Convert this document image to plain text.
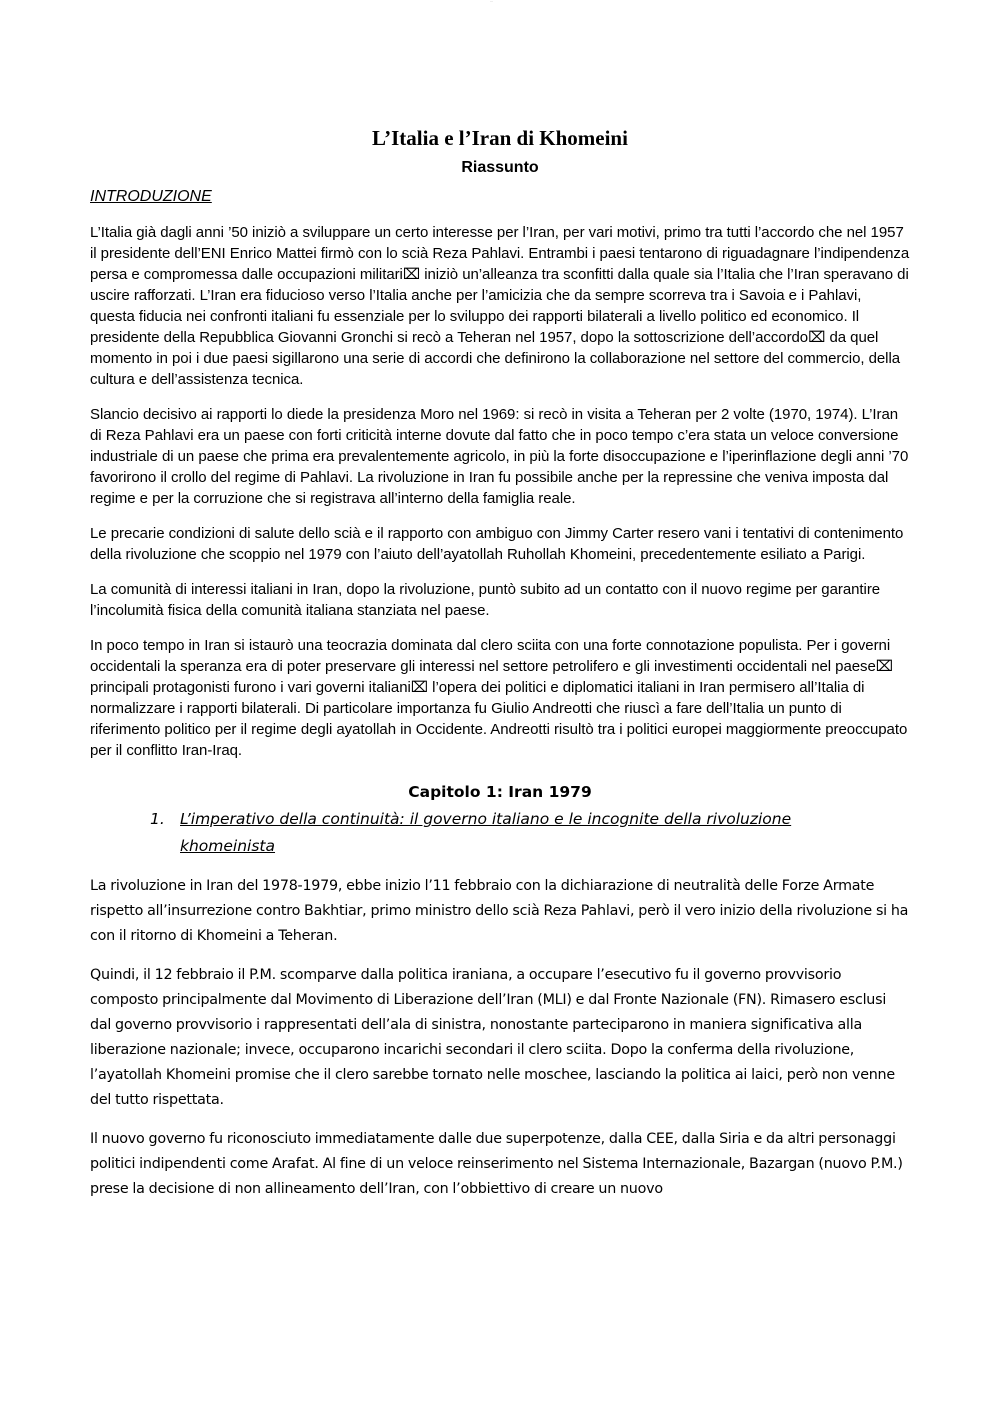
⋯
L’Italia e l’Iran di Khomeini
Riassunto
INTRODUZIONE

L’Italia già dagli anni ’50 iniziò a sviluppare un certo interesse per l’Iran, per vari motivi, primo tra tutti l’accordo che nel 1957 il presidente dell’ENI Enrico Mattei firmò con lo scià Reza Pahlavi. Entrambi i paesi tentarono di riguadagnare l’indipendenza persa e compromessa dalle occupazioni militari⌧ iniziò un’alleanza tra sconfitti dalla quale sia l’Italia che l’Iran speravano di uscire rafforzati. L’Iran era fiducioso verso l’Italia anche per l’amicizia che da sempre scorreva tra i Savoia e i Pahlavi, questa fiducia nei confronti italiani fu essenziale per lo sviluppo dei rapporti bilaterali a livello politico ed economico. Il presidente della Repubblica Giovanni Gronchi si recò a Teheran nel 1957, dopo la sottoscrizione dell’accordo⌧ da quel momento in poi i due paesi sigillarono una serie di accordi che definirono la collaborazione nel settore del commercio, della cultura e dell’assistenza tecnica.

Slancio decisivo ai rapporti lo diede la presidenza Moro nel 1969: si recò in visita a Teheran per 2 volte (1970, 1974). L’Iran di Reza Pahlavi era un paese con forti criticità interne dovute dal fatto che in poco tempo c’era stata un veloce conversione industriale di un paese che prima era prevalentemente agricolo, in più la forte disoccupazione e l’iperinflazione degli anni ’70 favorirono il crollo del regime di Pahlavi. La rivoluzione in Iran fu possibile anche per la repressine che veniva imposta dal regime e per la corruzione che si registrava all’interno della famiglia reale.

Le precarie condizioni di salute dello scià e il rapporto con ambiguo con Jimmy Carter resero vani i tentativi di contenimento della rivoluzione che scoppio nel 1979 con l’aiuto dell’ayatollah Ruhollah Khomeini, precedentemente esiliato a Parigi.

La comunità di interessi italiani in Iran, dopo la rivoluzione, puntò subito ad un contatto con il nuovo regime per garantire l’incolumità fisica della comunità italiana stanziata nel paese.

In poco tempo in Iran si istaurò una teocrazia dominata dal clero sciita con una forte connotazione populista. Per i governi occidentali la speranza era di poter preservare gli interessi nel settore petrolifero e gli investimenti occidentali nel paese⌧ principali protagonisti furono i vari governi italiani⌧ l’opera dei politici e diplomatici italiani in Iran permisero all’Italia di normalizzare i rapporti bilaterali. Di particolare importanza fu Giulio Andreotti che riuscì a fare dell’Italia un punto di riferimento politico per il regime degli ayatollah in Occidente. Andreotti risultò tra i politici europei maggiormente preoccupato per il conflitto Iran-Iraq.

Capitolo 1: Iran 1979
1. L’imperativo della continuità: il governo italiano e le incognite della rivoluzione khomeinista

La rivoluzione in Iran del 1978-1979, ebbe inizio l’11 febbraio con la dichiarazione di neutralità delle Forze Armate rispetto all’insurrezione contro Bakhtiar, primo ministro dello scià Reza Pahlavi, però il vero inizio della rivoluzione si ha con il ritorno di Khomeini a Teheran.

Quindi, il 12 febbraio il P.M. scomparve dalla politica iraniana, a occupare l’esecutivo fu il governo provvisorio composto principalmente dal Movimento di Liberazione dell’Iran (MLI) e dal Fronte Nazionale (FN). Rimasero esclusi dal governo provvisorio i rappresentati dell’ala di sinistra, nonostante parteciparono in maniera significativa alla liberazione nazionale; invece, occuparono incarichi secondari il clero sciita. Dopo la conferma della rivoluzione, l’ayatollah Khomeini promise che il clero sarebbe tornato nelle moschee, lasciando la politica ai laici, però non venne del tutto rispettata.

Il nuovo governo fu riconosciuto immediatamente dalle due superpotenze, dalla CEE, dalla Siria e da altri personaggi politici indipendenti come Arafat. Al fine di un veloce reinserimento nel Sistema Internazionale, Bazargan (nuovo P.M.) prese la decisione di non allineamento dell’Iran, con l’obbiettivo di creare un nuovo
